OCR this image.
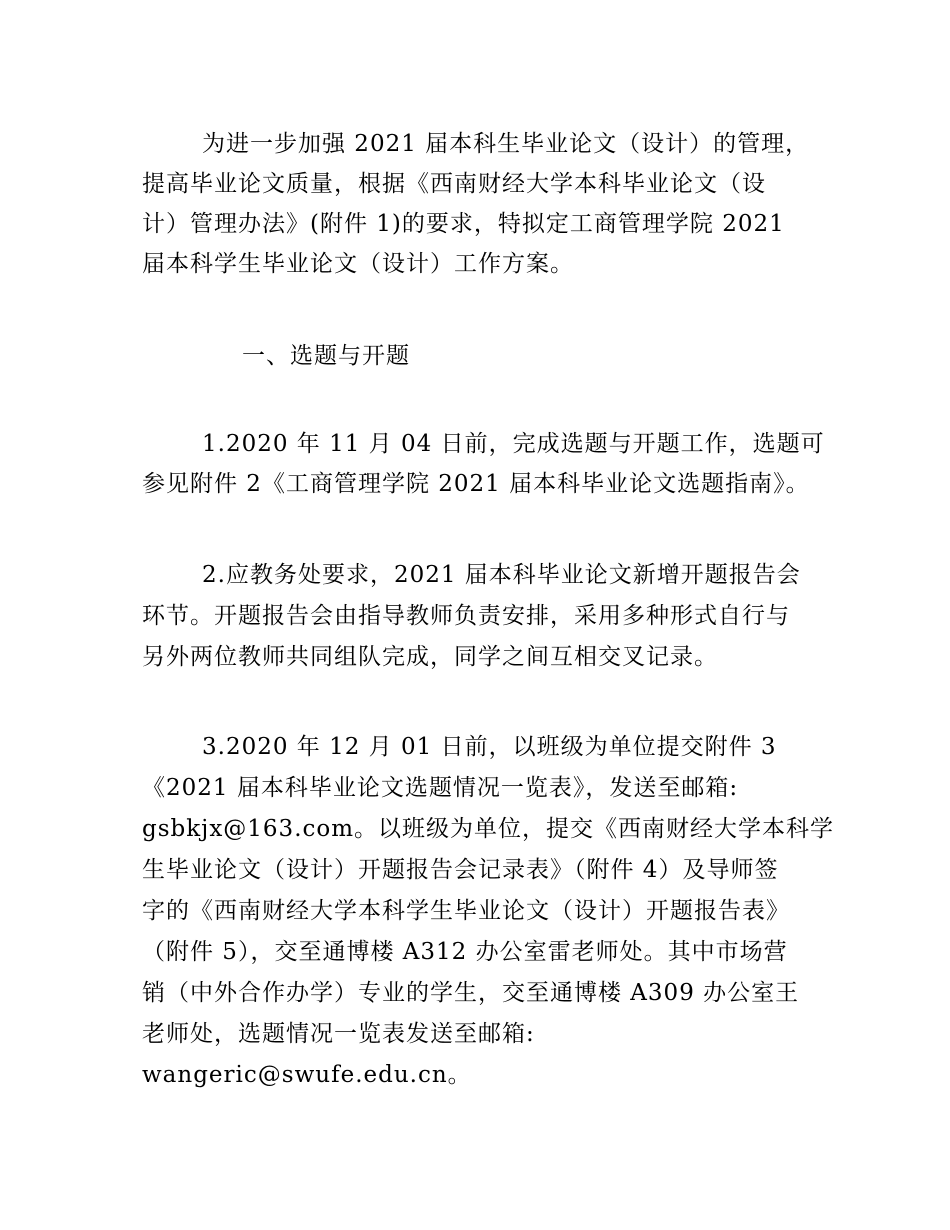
为进一步加强 2021 届本科生毕业论文（设计）的管理，
提高毕业论文质量，根据《西南财经大学本科毕业论文（设
计）管理办法》(附件 1)的要求，特拟定工商管理学院 2021
届本科学生毕业论文（设计）工作方案。
一、选题与开题
1.2020 年 11 月 04 日前，完成选题与开题工作，选题可
参见附件 2《工商管理学院 2021 届本科毕业论文选题指南》。
2.应教务处要求，2021 届本科毕业论文新增开题报告会
环节。开题报告会由指导教师负责安排，采用多种形式自行与
另外两位教师共同组队完成，同学之间互相交叉记录。
3.2020 年 12 月 01 日前，以班级为单位提交附件 3
《2021 届本科毕业论文选题情况一览表》，发送至邮箱:
gsbkjx@163.com。以班级为单位，提交《西南财经大学本科学
生毕业论文（设计）开题报告会记录表》（附件 4）及导师签
字的《西南财经大学本科学生毕业论文（设计）开题报告表》
（附件 5），交至通博楼 A312 办公室雷老师处。其中市场营
销（中外合作办学）专业的学生，交至通博楼 A309 办公室王
老师处，选题情况一览表发送至邮箱:
wangeric@swufe.edu.cn。
